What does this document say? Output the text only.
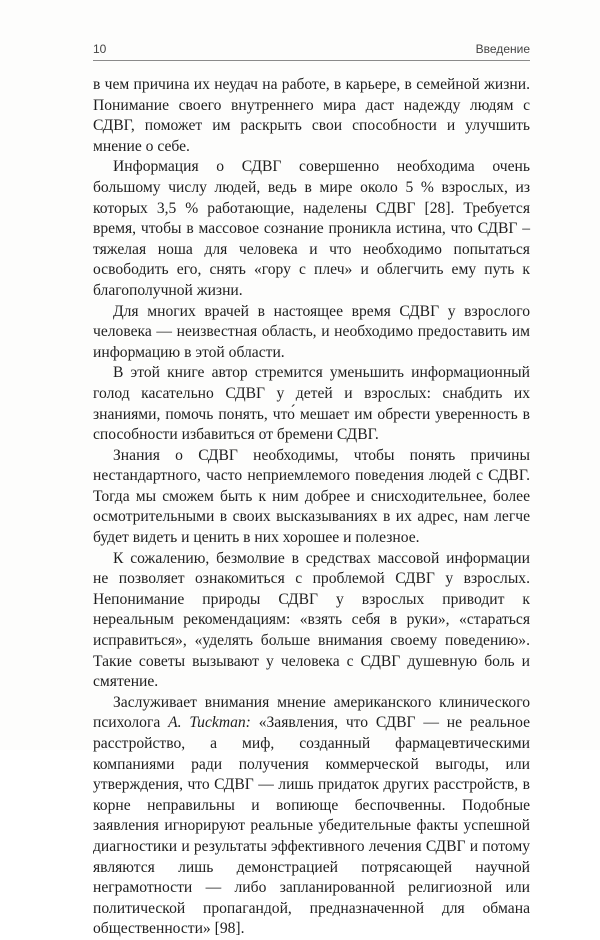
10	Введение

в чем причина их неудач на работе, в карьере, в семейной жизни. Понимание своего внутреннего мира даст надежду людям с СДВГ, поможет им раскрыть свои способности и улучшить мнение о себе.

Информация о СДВГ совершенно необходима очень большому числу людей, ведь в мире около 5 % взрослых, из которых 3,5 % работающие, наделены СДВГ [28]. Требуется время, чтобы в массовое сознание проникла истина, что СДВГ – тяжелая ноша для человека и что необходимо попытаться освободить его, снять «гору с плеч» и облегчить ему путь к благополучной жизни.

Для многих врачей в настоящее время СДВГ у взрослого человека — неизвестная область, и необходимо предоставить им информацию в этой области.

В этой книге автор стремится уменьшить информационный голод касательно СДВГ у детей и взрослых: снабдить их знаниями, помочь понять, что́ мешает им обрести уверенность в способности избавиться от бремени СДВГ.

Знания о СДВГ необходимы, чтобы понять причины нестандартного, часто неприемлемого поведения людей с СДВГ. Тогда мы сможем быть к ним добрее и снисходительнее, более осмотрительными в своих высказываниях в их адрес, нам легче будет видеть и ценить в них хорошее и полезное.

К сожалению, безмолвие в средствах массовой информации не позволяет ознакомиться с проблемой СДВГ у взрослых. Непонимание природы СДВГ у взрослых приводит к нереальным рекомендациям: «взять себя в руки», «стараться исправиться», «уделять больше внимания своему поведению». Такие советы вызывают у человека с СДВГ душевную боль и смятение.

Заслуживает внимания мнение американского клинического психолога A. Tuckman: «Заявления, что СДВГ — не реальное расстройство, а миф, созданный фармацевтическими компаниями ради получения коммерческой выгоды, или утверждения, что СДВГ — лишь придаток других расстройств, в корне неправильны и вопиюще беспочвенны. Подобные заявления игнорируют реальные убедительные факты успешной диагностики и результаты эффективного лечения СДВГ и потому являются лишь демонстрацией потрясающей научной неграмотности — либо запланированной религиозной или политической пропагандой, предназначенной для обмана общественности» [98].
